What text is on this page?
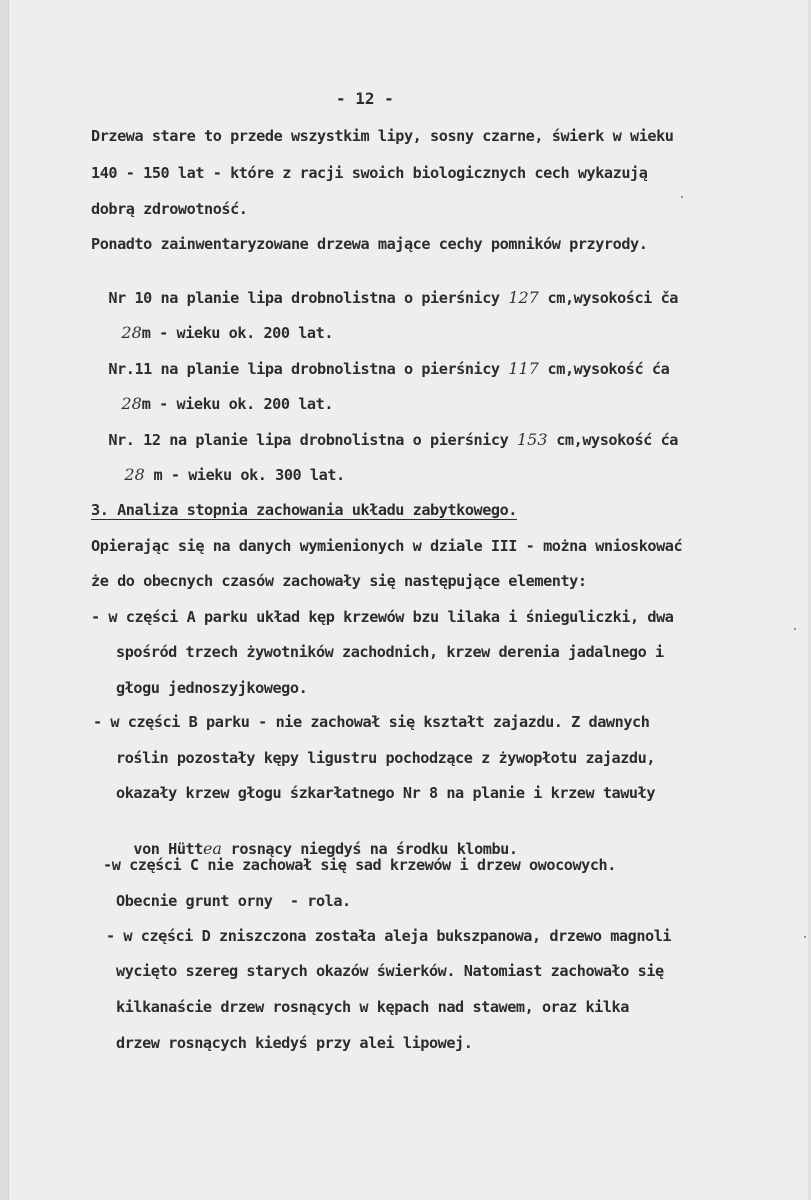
- 12 -
Drzewa stare to przede wszystkim lipy, sosny czarne, świerk w wieku
140 - 150 lat - które z racji swoich biologicznych cech wykazują
dobrą zdrowotność.
Ponadto zainwentaryzowane drzewa mające cechy pomników przyrody.

Nr 10 na planie lipa drobnolistna o pierśnicy 127 cm,wysokości ča

28m - wieku ok. 200 lat.

Nr.11 na planie lipa drobnolistna o pierśnicy 117 cm,wysokość ća

28m - wieku ok. 200 lat.

Nr. 12 na planie lipa drobnolistna o pierśnicy 153 cm,wysokość ća

28 m - wieku ok. 300 lat.

3. Analiza stopnia zachowania układu zabytkowego.
Opierając się na danych wymienionych w dziale III - można wnioskować
że do obecnych czasów zachowały się następujące elementy:
- w części A parku układ kęp krzewów bzu lilaka i śnieguliczki, dwa
spośród trzech żywotników zachodnich, krzew derenia jadalnego i
głogu jednoszyjkowego.
- w części B parku - nie zachował się kształt zajazdu. Z dawnych
roślin pozostały kępy ligustru pochodzące z żywopłotu zajazdu,
okazały krzew głogu śzkarłatnego Nr 8 na planie i krzew tawuły

von Hüttea rosnący niegdyś na środku klombu.

-w części C nie zachował się sad krzewów i drzew owocowych.
Obecnie grunt orny  - rola.
- w części D zniszczona została aleja bukszpanowa, drzewo magnoli
wycięto szereg starych okazów świerków. Natomiast zachowało się
kilkanaście drzew rosnących w kępach nad stawem, oraz kilka
drzew rosnących kiedyś przy alei lipowej.
